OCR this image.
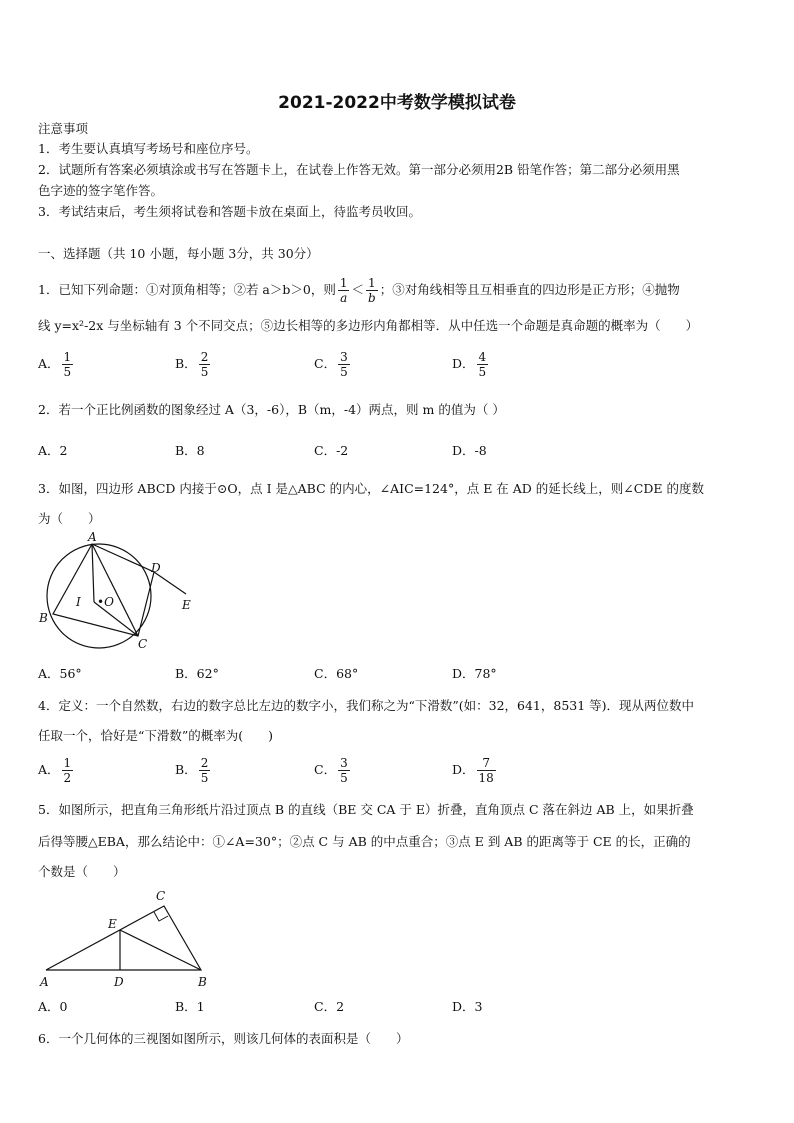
2021-2022中考数学模拟试卷
注意事项
1．考生要认真填写考场号和座位序号。
2．试题所有答案必须填涂或书写在答题卡上，在试卷上作答无效。第一部分必须用2B 铅笔作答；第二部分必须用黑
色字迹的签字笔作答。
3．考试结束后，考生须将试卷和答题卡放在桌面上，待监考员收回。
一、选择题（共 10 小题，每小题 3分，共 30分）
1．已知下列命题：①对顶角相等；②若 a＞b＞0，则 $\frac{1}{a} < \frac{1}{b}$ ；③对角线相等且互相垂直的四边形是正方形；④抛物
线 y=x²-2x 与坐标轴有 3 个不同交点；⑤边长相等的多边形内角都相等．从中任选一个命题是真命题的概率为（　　）
A． $\frac{1}{5}$	B． $\frac{2}{5}$	C． $\frac{3}{5}$	D． $\frac{4}{5}$
2．若一个正比例函数的图象经过 A（3，-6），B（m，-4）两点，则 m 的值为（ ）
A．2	B．8	C．-2	D．-8
3．如图，四边形 ABCD 内接于⊙O，点 I 是△ABC 的内心，∠AIC=124°，点 E 在 AD 的延长线上，则∠CDE 的度数
为（　　）
A
B
C
D
E
I •O
A．56°	B．62°	C．68°	D．78°
4．定义：一个自然数，右边的数字总比左边的数字小，我们称之为“下滑数”(如：32，641，8531 等)．现从两位数中
任取一个，恰好是“下滑数”的概率为(　　)
A． $\frac{1}{2}$	B． $\frac{2}{5}$	C． $\frac{3}{5}$	D． $\frac{7}{18}$
5．如图所示，把直角三角形纸片沿过顶点 B 的直线（BE 交 CA 于 E）折叠，直角顶点 C 落在斜边 AB 上，如果折叠
后得等腰△EBA，那么结论中：①∠A=30°；②点 C 与 AB 的中点重合；③点 E 到 AB 的距离等于 CE 的长，正确的
个数是（　　）
A	B
C
D
E
A．0	B．1	C．2	D．3
6．一个几何体的三视图如图所示，则该几何体的表面积是（　　）
